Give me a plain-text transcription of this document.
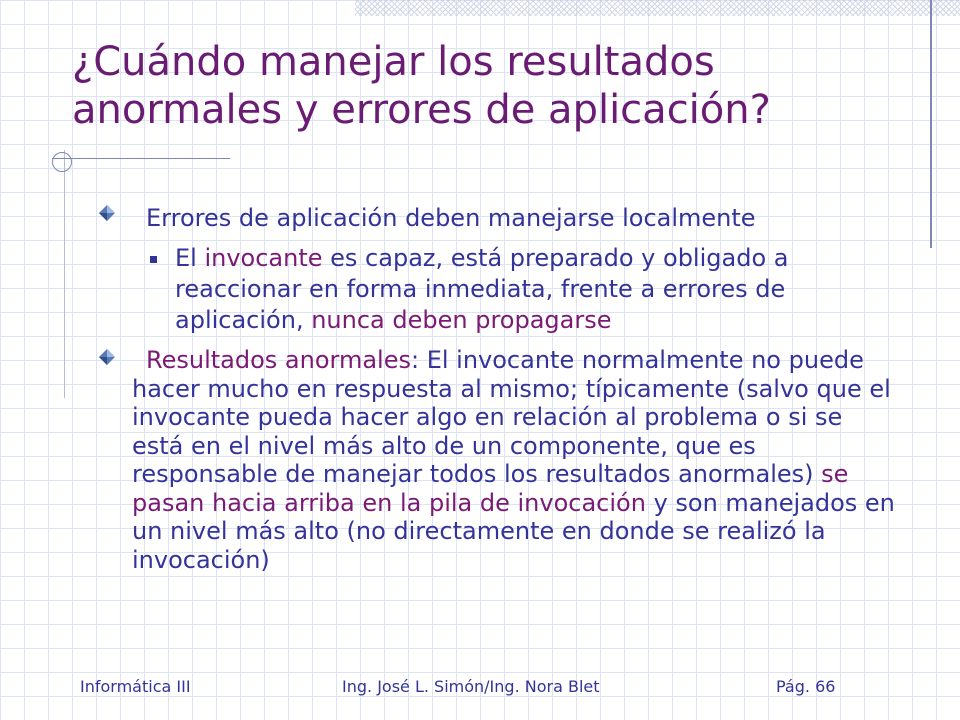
¿Cuándo manejar los resultados anormales y errores de aplicación?
Errores de aplicación deben manejarse localmente
El invocante es capaz, está preparado y obligado a reaccionar en forma inmediata, frente a errores de aplicación, nunca deben propagarse
Resultados anormales: El invocante normalmente no puede hacer mucho en respuesta al mismo; típicamente (salvo que el invocante pueda hacer algo en relación al problema o si se está en el nivel más alto de un componente, que es responsable de manejar todos los resultados anormales) se pasan hacia arriba en la pila de invocación y son manejados en un nivel más alto (no directamente en donde se realizó la invocación)
Informática III	Ing. José L. Simón/Ing. Nora Blet	Pág. 66
